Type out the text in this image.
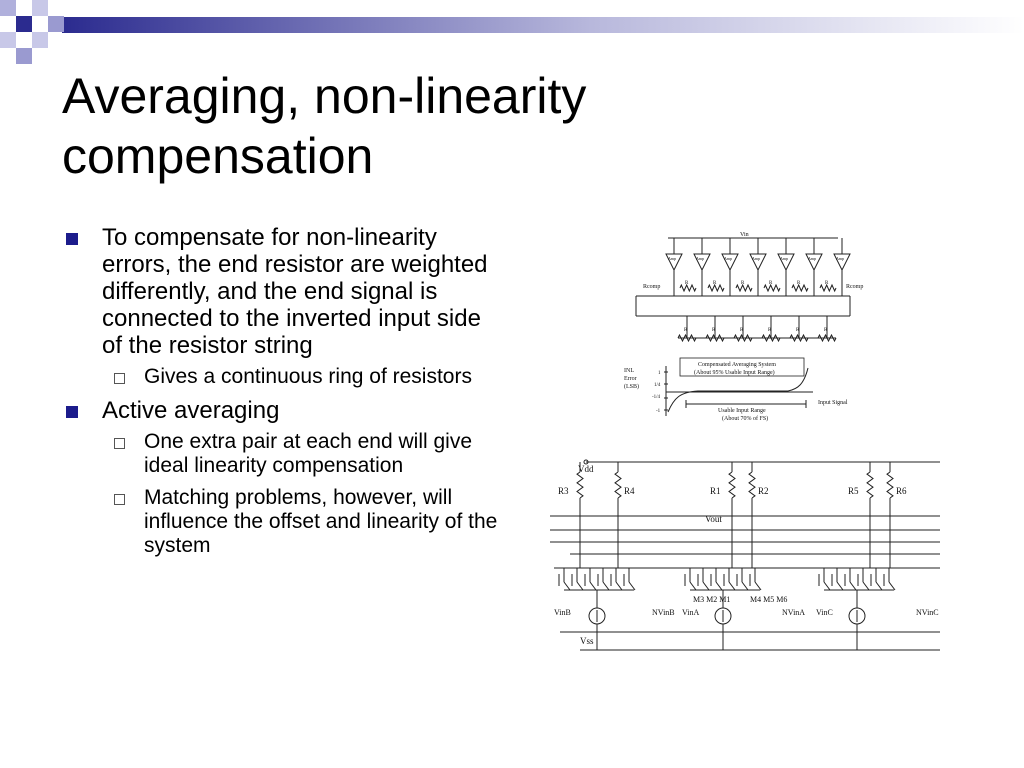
Averaging, non-linearity
compensation
To compensate for non-linearity errors, the end resistor are weighted differently, and the end signal is connected to the inverted input side of the resistor string
Gives a continuous ring of resistors
Active averaging
One extra pair at each end will give ideal linearity compensation
Matching problems, however, will influence the offset and linearity of the system
Vin
Amp
R
Amp
R
Amp
R
Amp
R
Amp
R
Amp
R
Amp
R	R	R	R	R	R
Rcomp	Rcomp
INL
Error
(LSB)
1
1/4
-1/4
-1
Compensated Averaging System
(About 95% Usable Input Range)
Usable Input Range
(About 70% of FS)
Input Signal
Vdd
Vout
R3	R4	R1	R2	R5	R6
Vss
M3 M2 M1 M4 M5 M6
VinB	NVinB VinA	NVinA VinC	NVinC
